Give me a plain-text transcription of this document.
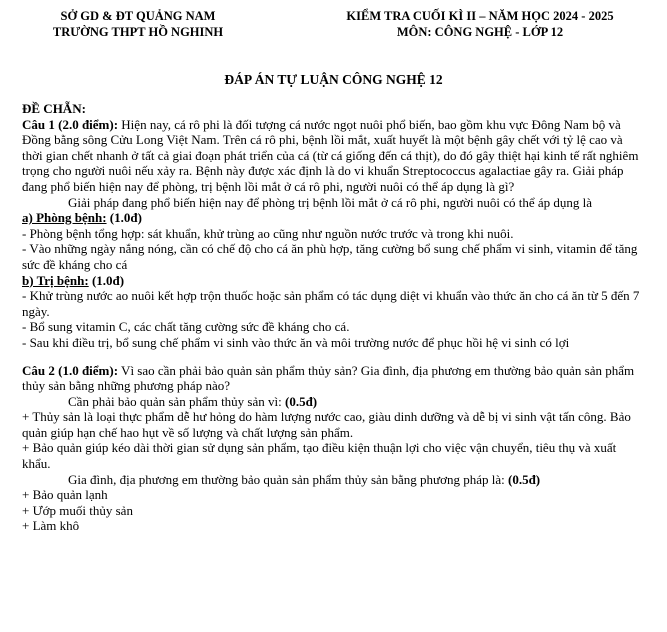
SỞ GD & ĐT QUẢNG NAM
TRƯỜNG THPT HỒ NGHINH
KIỂM TRA CUỐI KÌ II – NĂM HỌC 2024 - 2025
MÔN: CÔNG NGHỆ - LỚP 12
ĐÁP ÁN TỰ LUẬN CÔNG NGHỆ 12

ĐỀ CHẴN:

Câu 1 (2.0 điểm): Hiện nay, cá rô phi là đối tượng cá nước ngọt nuôi phổ biến, bao gồm khu vực Đông Nam bộ và Đồng bằng sông Cửu Long Việt Nam. Trên cá rô phi, bệnh lồi mắt, xuất huyết là một bệnh gây chết với tỷ lệ cao và thời gian chết nhanh ở tất cả giai đoạn phát triển của cá (từ cá giống đến cá thịt), do đó gây thiệt hại kinh tế rất nghiêm trọng cho người nuôi nếu xảy ra. Bệnh này được xác định là do vi khuẩn Streptococcus agalactiae gây ra. Giải pháp đang phổ biến hiện nay để phòng, trị bệnh lồi mắt ở cá rô phi, người nuôi có thể áp dụng là gì?

Giải pháp đang phổ biến hiện nay để phòng trị bệnh lồi mắt ở cá rô phi, người nuôi có thể áp dụng là

a) Phòng bệnh: (1.0đ)

- Phòng bệnh tổng hợp: sát khuẩn, khử trùng ao cũng như nguồn nước trước và trong khi nuôi.

- Vào những ngày nắng nóng, cần có chế độ cho cá ăn phù hợp, tăng cường bổ sung chế phẩm vi sinh, vitamin để tăng sức đề kháng cho cá

b) Trị bệnh: (1.0đ)

- Khử trùng nước ao nuôi kết hợp trộn thuốc hoặc sản phẩm có tác dụng diệt vi khuẩn vào thức ăn cho cá ăn từ 5 đến 7 ngày.

- Bổ sung vitamin C, các chất tăng cường sức đề kháng cho cá.

- Sau khi điều trị, bổ sung chế phẩm vi sinh vào thức ăn và môi trường nước để phục hồi hệ vi sinh có lợi

Câu 2 (1.0 điểm): Vì sao cần phải bảo quản sản phẩm thủy sản? Gia đình, địa phương em thường bảo quản sản phẩm thủy sản bằng những phương pháp nào?

Cần phải bảo quản sản phẩm thủy sản vì: (0.5đ)

+ Thủy sản là loại thực phẩm dễ hư hỏng do hàm lượng nước cao, giàu dinh dưỡng và dễ bị vi sinh vật tấn công. Bảo quản giúp hạn chế hao hụt về số lượng và chất lượng sản phẩm.

+ Bảo quản giúp kéo dài thời gian sử dụng sản phẩm, tạo điều kiện thuận lợi cho việc vận chuyển, tiêu thụ và xuất khẩu.

Gia đình, địa phương em thường bảo quản sản phẩm thủy sản bằng phương pháp là: (0.5đ)

+ Bảo quản lạnh

+ Ướp muối thủy sản

+ Làm khô
